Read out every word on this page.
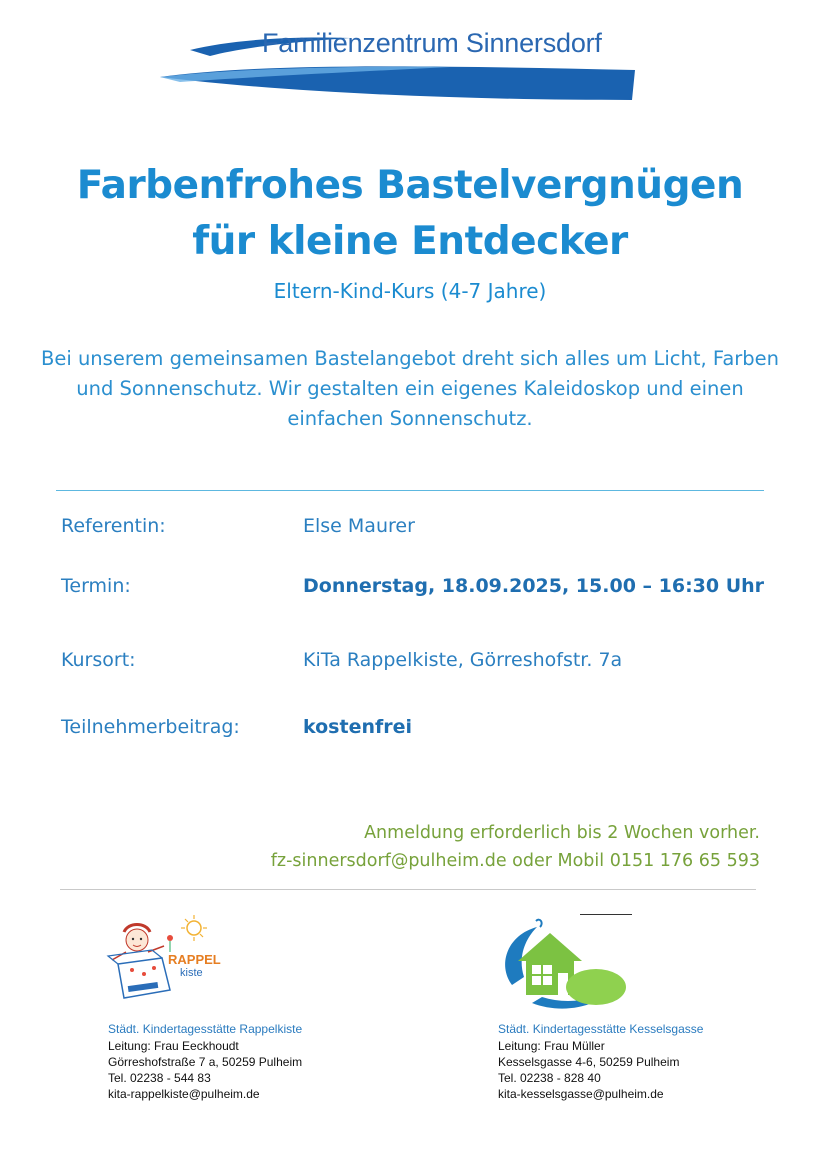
Familienzentrum Sinnersdorf
Farbenfrohes Bastelvergnügen
für kleine Entdecker
Eltern-Kind-Kurs (4-7 Jahre)
Bei unserem gemeinsamen Bastelangebot dreht sich alles um Licht, Farben und Sonnenschutz. Wir gestalten ein eigenes Kaleidoskop und einen einfachen Sonnenschutz.
Referentin:	Else Maurer
Termin:	Donnerstag, 18.09.2025, 15.00 – 16:30 Uhr
Kursort:	KiTa Rappelkiste, Görreshofstr. 7a
Teilnehmerbeitrag:	kostenfrei
Anmeldung erforderlich bis 2 Wochen vorher.
fz-sinnersdorf@pulheim.de oder Mobil 0151 176 65 593
RAPPEL
kiste
Städt. Kindertagesstätte Rappelkiste
Leitung: Frau Eeckhoudt
Görreshofstraße 7 a, 50259 Pulheim
Tel. 02238 - 544 83
kita-rappelkiste@pulheim.de
Städt. Kindertagesstätte Kesselsgasse
Leitung: Frau Müller
Kesselsgasse 4-6, 50259 Pulheim
Tel. 02238 - 828 40
kita-kesselsgasse@pulheim.de
